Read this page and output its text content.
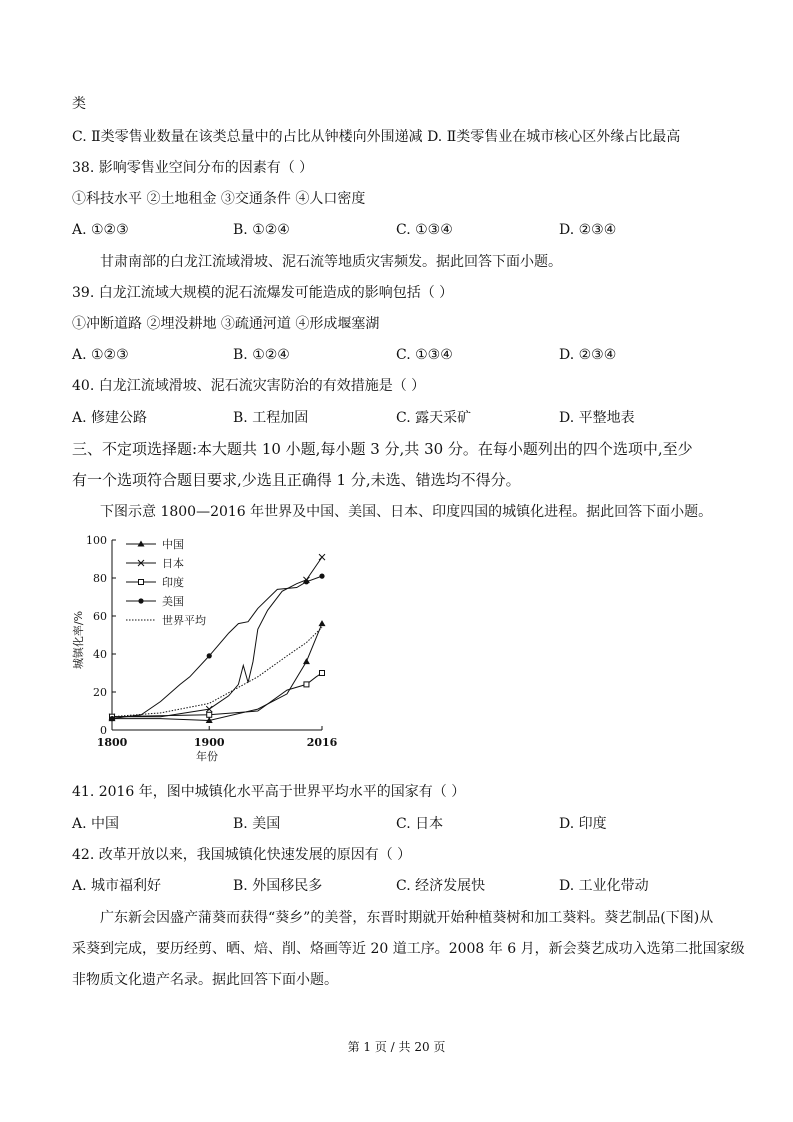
类
C. Ⅱ类零售业数量在该类总量中的占比从钟楼向外围递减 D. Ⅱ类零售业在城市核心区外缘占比最高
38. 影响零售业空间分布的因素有（ ）
①科技水平 ②土地租金 ③交通条件 ④人口密度
A. ①②③	B. ①②④	C. ①③④	D. ②③④
甘肃南部的白龙江流域滑坡、泥石流等地质灾害频发。据此回答下面小题。
39. 白龙江流域大规模的泥石流爆发可能造成的影响包括（ ）
①冲断道路 ②埋没耕地 ③疏通河道 ④形成堰塞湖
A. ①②③	B. ①②④	C. ①③④	D. ②③④
40. 白龙江流域滑坡、泥石流灾害防治的有效措施是（ ）
A. 修建公路	B. 工程加固	C. 露天采矿	D. 平整地表
三、不定项选择题:本大题共 10 小题,每小题 3 分,共 30 分。在每小题列出的四个选项中,至少
有一个选项符合题目要求,少选且正确得 1 分,未选、错选均不得分。
下图示意 1800—2016 年世界及中国、美国、日本、印度四国的城镇化进程。据此回答下面小题。
0
20
40
60
80
100
1800	1900	2016
中国
日本
印度
美国
世界平均
年份
城镇化率/%
41. 2016 年，图中城镇化水平高于世界平均水平的国家有（ ）
A. 中国	B. 美国	C. 日本	D. 印度
42. 改革开放以来，我国城镇化快速发展的原因有（ ）
A. 城市福利好	B. 外国移民多	C. 经济发展快	D. 工业化带动
广东新会因盛产蒲葵而获得“葵乡”的美誉，东晋时期就开始种植葵树和加工葵料。葵艺制品(下图)从
采葵到完成，要历经剪、晒、焙、削、烙画等近 20 道工序。2008 年 6 月，新会葵艺成功入选第二批国家级
非物质文化遗产名录。据此回答下面小题。
第 1 页 / 共 20 页
